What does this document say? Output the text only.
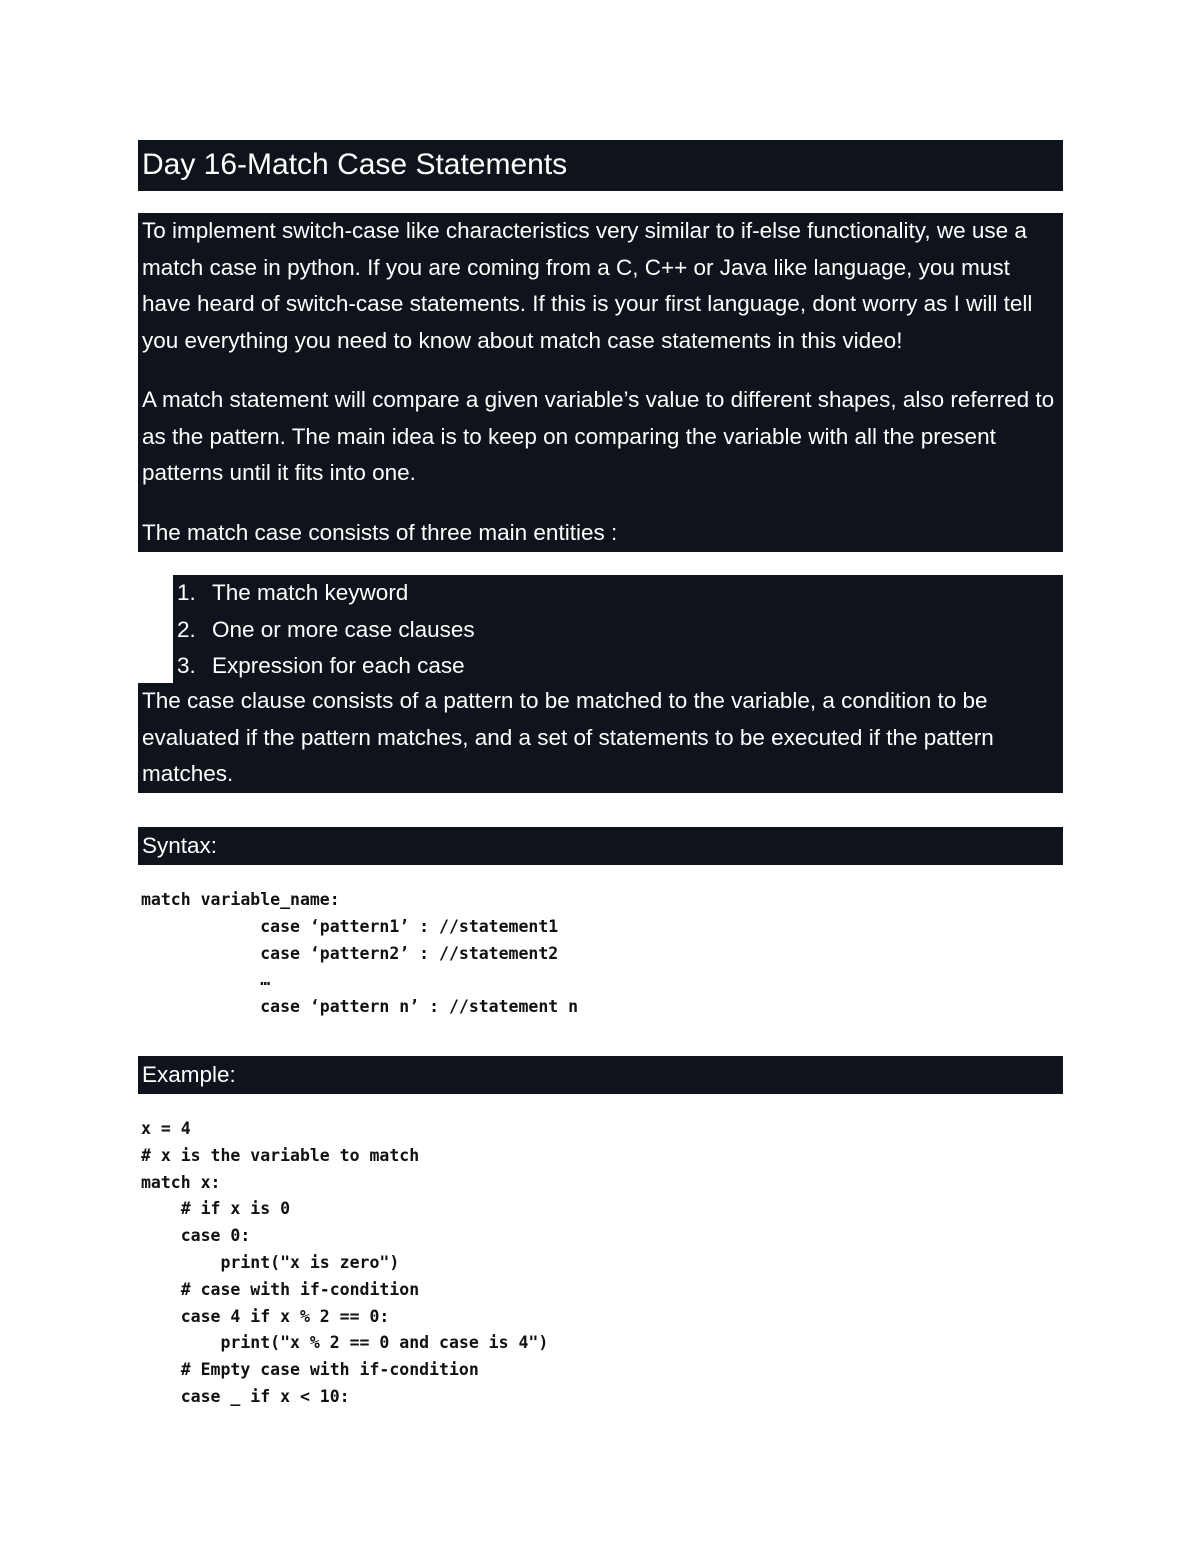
Day 16-Match Case Statements

To implement switch-case like characteristics very similar to if-else functionality, we use a match case in python. If you are coming from a C, C++ or Java like language, you must have heard of switch-case statements. If this is your first language, dont worry as I will tell you everything you need to know about match case statements in this video!

A match statement will compare a given variable’s value to different shapes, also referred to as the pattern. The main idea is to keep on comparing the variable with all the present patterns until it fits into one.

The match case consists of three main entities :

1. The match keyword
2. One or more case clauses
3. Expression for each case
The case clause consists of a pattern to be matched to the variable, a condition to be evaluated if the pattern matches, and a set of statements to be executed if the pattern matches.
Syntax:
match variable_name:
case ‘pattern1’ : //statement1
case ‘pattern2’ : //statement2
…
case ‘pattern n’ : //statement n
Example:
x = 4
# x is the variable to match
match x:
# if x is 0
case 0:
print("x is zero")
# case with if-condition
case 4 if x % 2 == 0:
print("x % 2 == 0 and case is 4")
# Empty case with if-condition
case _ if x < 10:
